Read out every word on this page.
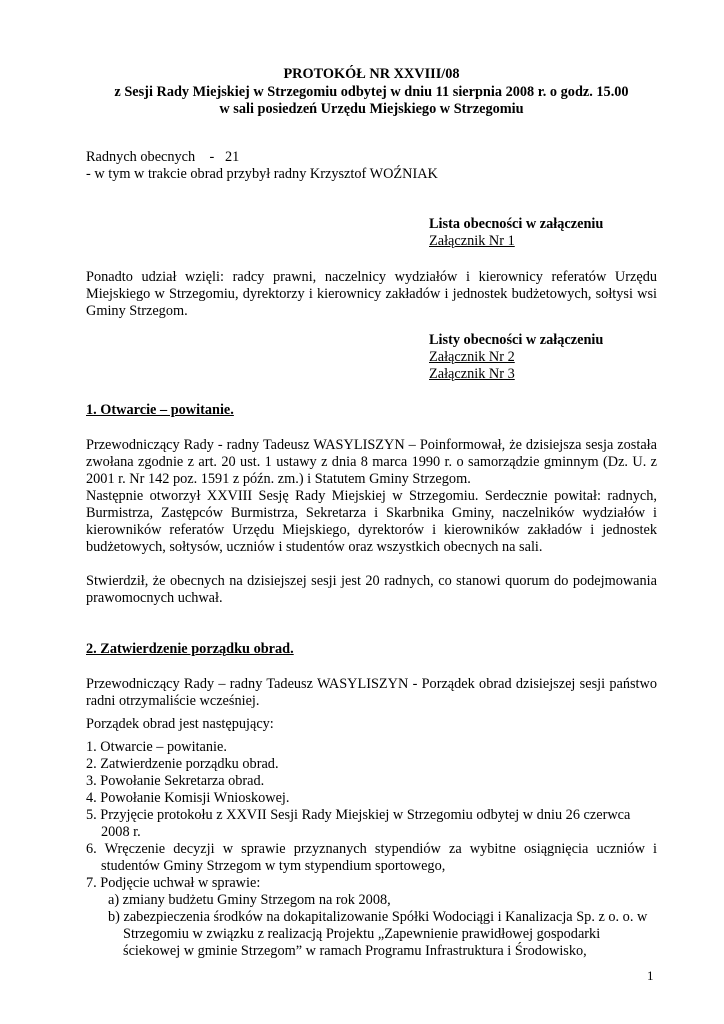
PROTOKÓŁ NR XXVIII/08

z Sesji Rady Miejskiej w Strzegomiu odbytej w dniu 11 sierpnia 2008 r. o godz. 15.00

w sali posiedzeń Urzędu Miejskiego w Strzegomiu

Radnych obecnych    -   21

- w tym w trakcie obrad przybył radny Krzysztof WOŹNIAK

Lista obecności w załączeniu

Załącznik Nr 1

Ponadto udział wzięli: radcy prawni, naczelnicy wydziałów i kierownicy referatów Urzędu Miejskiego w Strzegomiu, dyrektorzy i kierownicy zakładów i jednostek budżetowych, sołtysi wsi Gminy Strzegom.

Listy obecności w załączeniu

Załącznik Nr 2

Załącznik Nr 3

1. Otwarcie – powitanie.

Przewodniczący Rady - radny Tadeusz WASYLISZYN – Poinformował, że dzisiejsza sesja została zwołana zgodnie z art. 20 ust. 1 ustawy z dnia 8 marca 1990 r. o samorządzie gminnym (Dz. U. z 2001 r. Nr 142 poz. 1591 z późn. zm.) i Statutem Gminy Strzegom.

Następnie otworzył XXVIII Sesję Rady Miejskiej w Strzegomiu. Serdecznie powitał: radnych, Burmistrza, Zastępców Burmistrza, Sekretarza i Skarbnika Gminy, naczelników wydziałów i kierowników referatów Urzędu Miejskiego, dyrektorów i kierowników zakładów i jednostek budżetowych, sołtysów, uczniów i studentów oraz wszystkich obecnych na sali.

Stwierdził, że obecnych na dzisiejszej sesji jest 20 radnych, co stanowi quorum do podejmowania prawomocnych uchwał.

2. Zatwierdzenie porządku obrad.

Przewodniczący Rady – radny Tadeusz WASYLISZYN - Porządek obrad dzisiejszej sesji państwo radni otrzymaliście wcześniej.

Porządek obrad jest następujący:

1. Otwarcie – powitanie.
2. Zatwierdzenie porządku obrad.
3. Powołanie Sekretarza obrad.
4. Powołanie Komisji Wnioskowej.
5. Przyjęcie protokołu z XXVII Sesji Rady Miejskiej w Strzegomiu odbytej w dniu 26 czerwca 2008 r.
6. Wręczenie decyzji w sprawie przyznanych stypendiów za wybitne osiągnięcia uczniów i studentów Gminy Strzegom w tym stypendium sportowego,
7. Podjęcie uchwał w sprawie:
a) zmiany budżetu Gminy Strzegom na rok 2008,
b) zabezpieczenia środków na dokapitalizowanie Spółki Wodociągi i Kanalizacja Sp. z o. o. w Strzegomiu w związku z realizacją Projektu „Zapewnienie prawidłowej gospodarki ściekowej w gminie Strzegom” w ramach Programu Infrastruktura i Środowisko,
1
